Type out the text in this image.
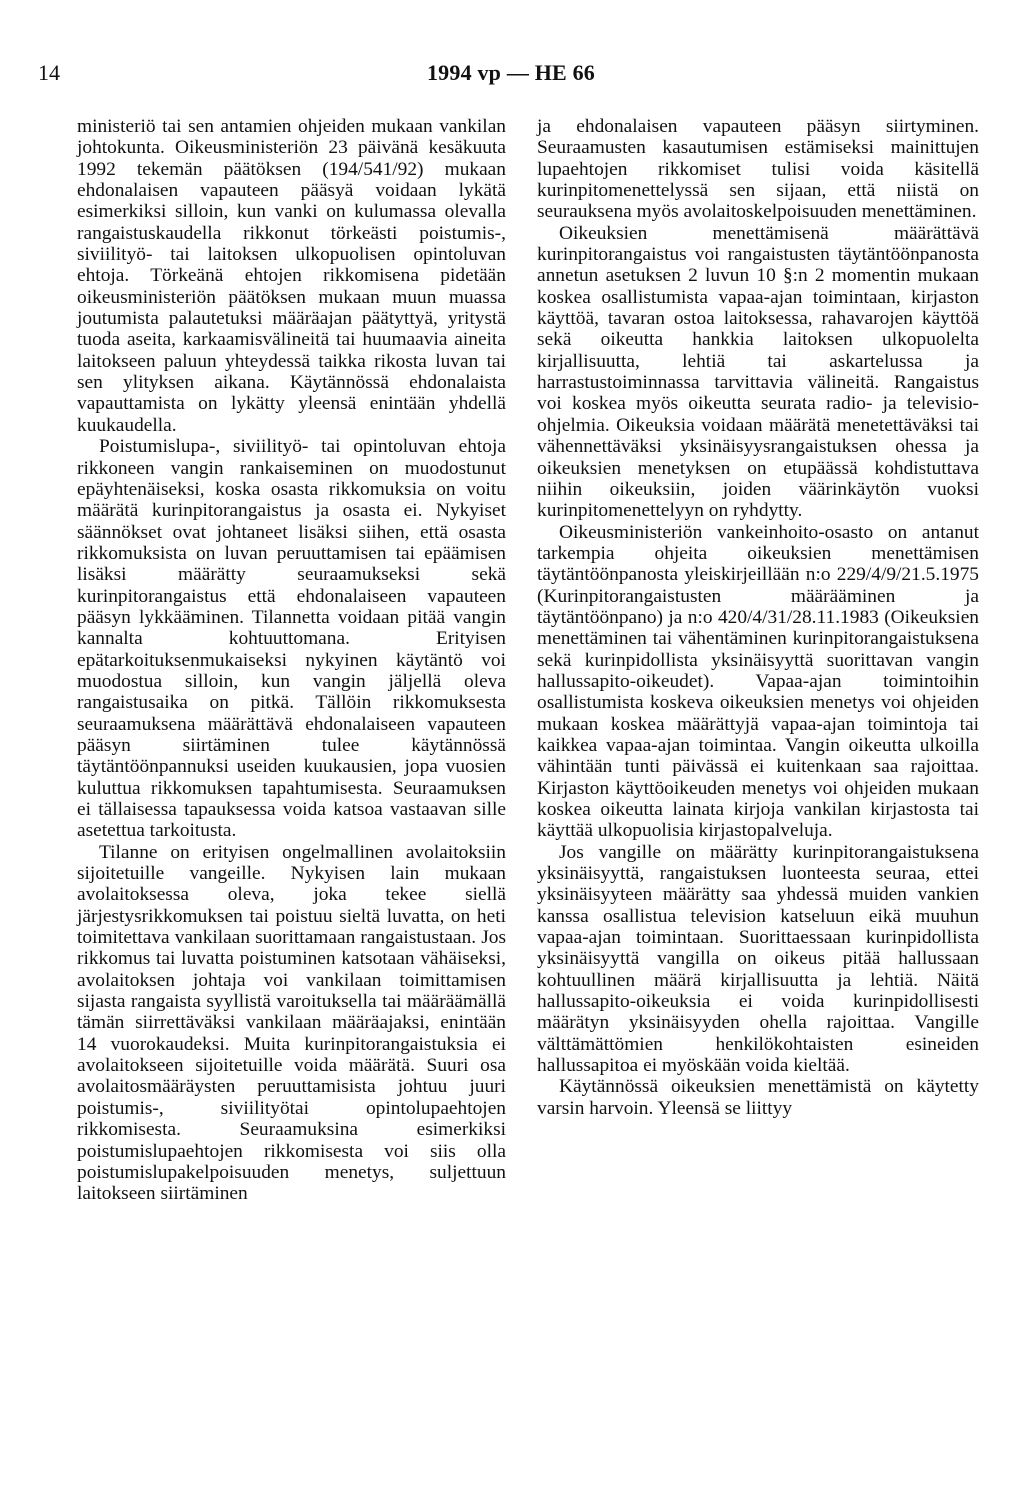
14	1994 vp — HE 66

ministeriö tai sen antamien ohjeiden mukaan vankilan johtokunta. Oikeusministeriön 23 päivänä kesäkuuta 1992 tekemän päätöksen (194/541/92) mukaan ehdonalaisen vapauteen pääsyä voidaan lykätä esimerkiksi silloin, kun vanki on kulumassa olevalla rangaistuskaudella rikkonut törkeästi poistumis-, siviilityö- tai laitoksen ulkopuolisen opintoluvan ehtoja. Törkeänä ehtojen rikkomisena pidetään oikeusministeriön päätöksen mukaan muun muassa joutumista palautetuksi määräajan päätyttyä, yritystä tuoda aseita, karkaamisvälineitä tai huumaavia aineita laitokseen paluun yhteydessä taikka rikosta luvan tai sen ylityksen aikana. Käytännössä ehdonalaista vapauttamista on lykätty yleensä enintään yhdellä kuukaudella.

Poistumislupa-, siviilityö- tai opintoluvan ehtoja rikkoneen vangin rankaiseminen on muodostunut epäyhtenäiseksi, koska osasta rikkomuksia on voitu määrätä kurinpitorangaistus ja osasta ei. Nykyiset säännökset ovat johtaneet lisäksi siihen, että osasta rikkomuksista on luvan peruuttamisen tai epäämisen lisäksi määrätty seuraamukseksi sekä kurinpitorangaistus että ehdonalaiseen vapauteen pääsyn lykkääminen. Tilannetta voidaan pitää vangin kannalta kohtuuttomana. Erityisen epätarkoituksenmukaiseksi nykyinen käytäntö voi muodostua silloin, kun vangin jäljellä oleva rangaistusaika on pitkä. Tällöin rikkomuksesta seuraamuksena määrättävä ehdonalaiseen vapauteen pääsyn siirtäminen tulee käytännössä täytäntöönpannuksi useiden kuukausien, jopa vuosien kuluttua rikkomuksen tapahtumisesta. Seuraamuksen ei tällaisessa tapauksessa voida katsoa vastaavan sille asetettua tarkoitusta.

Tilanne on erityisen ongelmallinen avolaitoksiin sijoitetuille vangeille. Nykyisen lain mukaan avolaitoksessa oleva, joka tekee siellä järjestysrikkomuksen tai poistuu sieltä luvatta, on heti toimitettava vankilaan suorittamaan rangaistustaan. Jos rikkomus tai luvatta poistuminen katsotaan vähäiseksi, avolaitoksen johtaja voi vankilaan toimittamisen sijasta rangaista syyllistä varoituksella tai määräämällä tämän siirrettäväksi vankilaan määräajaksi, enintään 14 vuorokaudeksi. Muita kurinpitorangaistuksia ei avolaitokseen sijoitetuille voida määrätä. Suuri osa avolaitosmääräysten peruuttamisista johtuu juuri poistumis-, siviilityötai opintolupaehtojen rikkomisesta. Seuraamuksina esimerkiksi poistumislupaehtojen rikkomisesta voi siis olla poistumislupakelpoisuuden menetys, suljettuun laitokseen siirtäminen

ja ehdonalaisen vapauteen pääsyn siirtyminen. Seuraamusten kasautumisen estämiseksi mainittujen lupaehtojen rikkomiset tulisi voida käsitellä kurinpitomenettelyssä sen sijaan, että niistä on seurauksena myös avolaitoskelpoisuuden menettäminen.

Oikeuksien menettämisenä määrättävä kurinpitorangaistus voi rangaistusten täytäntöönpanosta annetun asetuksen 2 luvun 10 §:n 2 momentin mukaan koskea osallistumista vapaa-ajan toimintaan, kirjaston käyttöä, tavaran ostoa laitoksessa, rahavarojen käyttöä sekä oikeutta hankkia laitoksen ulkopuolelta kirjallisuutta, lehtiä tai askartelussa ja harrastustoiminnassa tarvittavia välineitä. Rangaistus voi koskea myös oikeutta seurata radio- ja televisio-ohjelmia. Oikeuksia voidaan määrätä menetettäväksi tai vähennettäväksi yksinäisyysrangaistuksen ohessa ja oikeuksien menetyksen on etupäässä kohdistuttava niihin oikeuksiin, joiden väärinkäytön vuoksi kurinpitomenettelyyn on ryhdytty.

Oikeusministeriön vankeinhoito-osasto on antanut tarkempia ohjeita oikeuksien menettämisen täytäntöönpanosta yleiskirjeillään n:o 229/4/9/21.5.1975 (Kurinpitorangaistusten määrääminen ja täytäntöönpano) ja n:o 420/4/31/28.11.1983 (Oikeuksien menettäminen tai vähentäminen kurinpitorangaistuksena sekä kurinpidollista yksinäisyyttä suorittavan vangin hallussapito-oikeudet). Vapaa-ajan toimintoihin osallistumista koskeva oikeuksien menetys voi ohjeiden mukaan koskea määrättyjä vapaa-ajan toimintoja tai kaikkea vapaa-ajan toimintaa. Vangin oikeutta ulkoilla vähintään tunti päivässä ei kuitenkaan saa rajoittaa. Kirjaston käyttöoikeuden menetys voi ohjeiden mukaan koskea oikeutta lainata kirjoja vankilan kirjastosta tai käyttää ulkopuolisia kirjastopalveluja.

Jos vangille on määrätty kurinpitorangaistuksena yksinäisyyttä, rangaistuksen luonteesta seuraa, ettei yksinäisyyteen määrätty saa yhdessä muiden vankien kanssa osallistua television katseluun eikä muuhun vapaa-ajan toimintaan. Suorittaessaan kurinpidollista yksinäisyyttä vangilla on oikeus pitää hallussaan kohtuullinen määrä kirjallisuutta ja lehtiä. Näitä hallussapito-oikeuksia ei voida kurinpidollisesti määrätyn yksinäisyyden ohella rajoittaa. Vangille välttämättömien henkilökohtaisten esineiden hallussapitoa ei myöskään voida kieltää.

Käytännössä oikeuksien menettämistä on käytetty varsin harvoin. Yleensä se liittyy
